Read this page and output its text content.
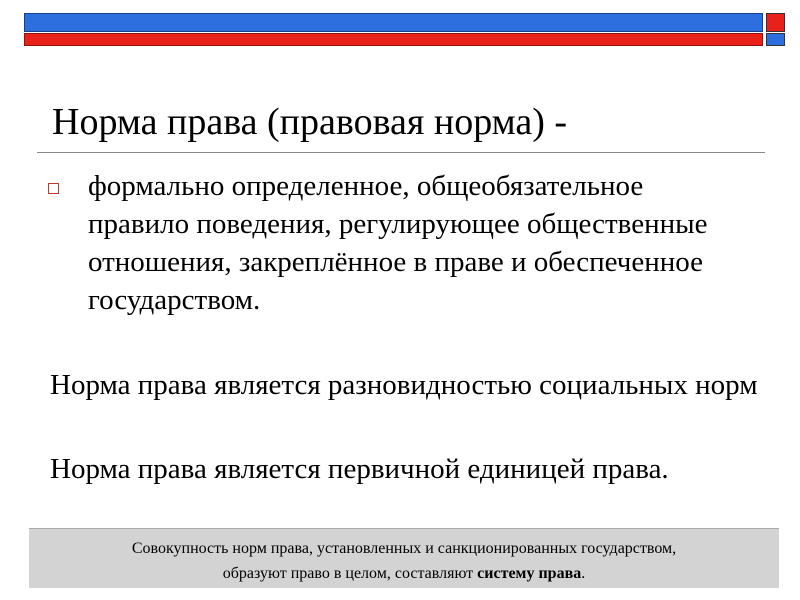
Норма права (правовая норма) -
формально определенное, общеобязательное правило поведения, регулирующее общественные отношения, закреплённое в праве и обеспеченное государством.
Норма права является разновидностью социальных норм
Норма права является первичной единицей права.
Совокупность норм права, установленных и санкционированных государством,
образуют право в целом, составляют систему права.
